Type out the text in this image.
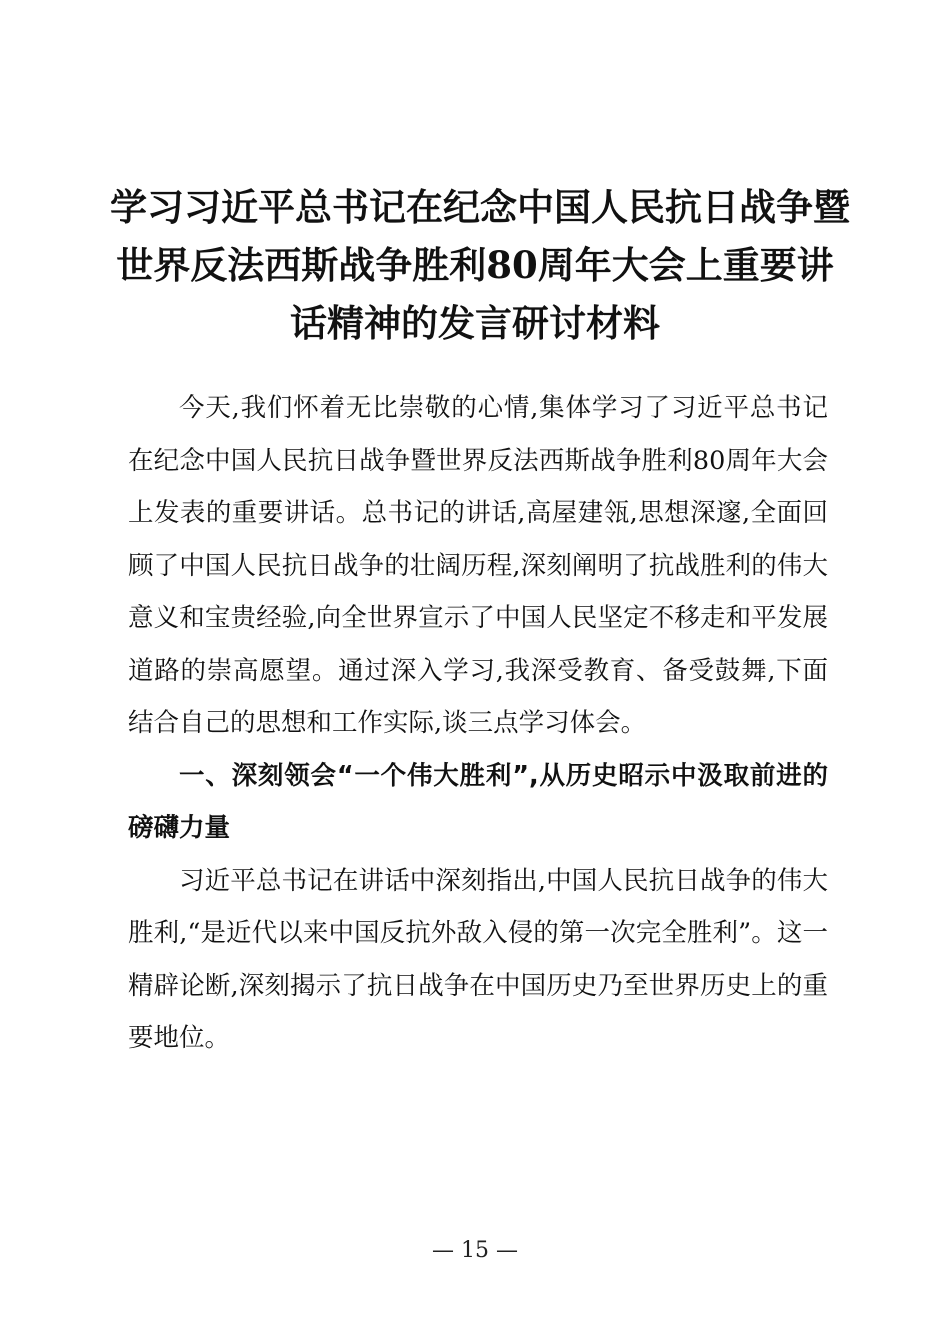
学习习近平总书记在纪念中国人民抗日战争暨
世界反法西斯战争胜利80周年大会上重要讲
话精神的发言研讨材料

今天,我们怀着无比崇敬的心情,集体学习了习近平总书记在纪念中国人民抗日战争暨世界反法西斯战争胜利80周年大会上发表的重要讲话。总书记的讲话,高屋建瓴,思想深邃,全面回顾了中国人民抗日战争的壮阔历程,深刻阐明了抗战胜利的伟大意义和宝贵经验,向全世界宣示了中国人民坚定不移走和平发展道路的崇高愿望。通过深入学习,我深受教育、备受鼓舞,下面结合自己的思想和工作实际,谈三点学习体会。

一、深刻领会“一个伟大胜利”,从历史昭示中汲取前进的磅礴力量

习近平总书记在讲话中深刻指出,中国人民抗日战争的伟大胜利,“是近代以来中国反抗外敌入侵的第一次完全胜利”。这一精辟论断,深刻揭示了抗日战争在中国历史乃至世界历史上的重要地位。

— 15 —
